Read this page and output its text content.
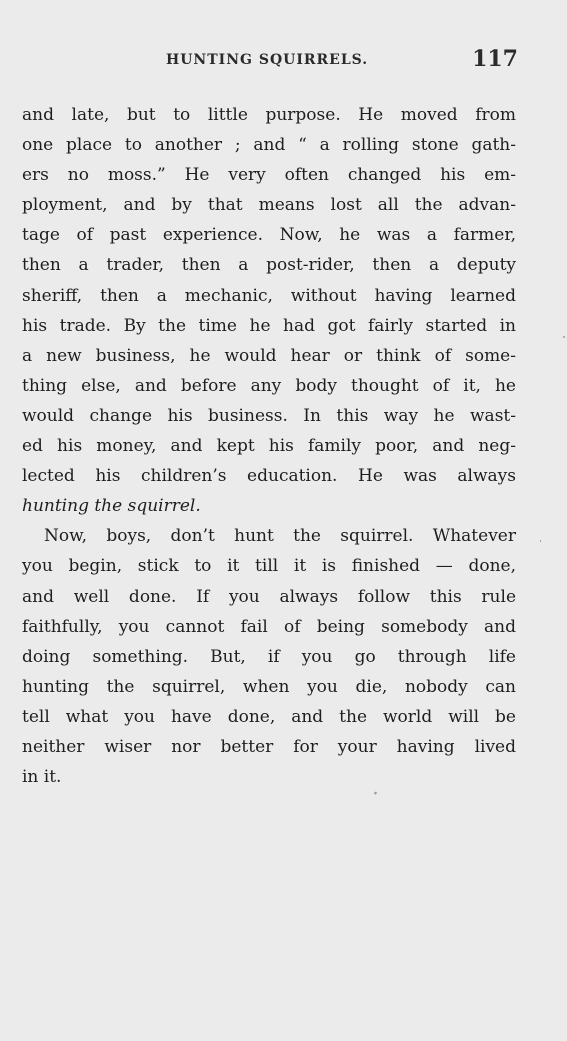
HUNTING SQUIRRELS.	117
and late, but to little purpose. He moved from
one place to another ; and “ a rolling stone gath-
ers no moss.” He very often changed his em-
ployment, and by that means lost all the advan-
tage of past experience. Now, he was a farmer,
then a trader, then a post-rider, then a deputy
sheriff, then a mechanic, without having learned
his trade. By the time he had got fairly started in
a new business, he would hear or think of some-
thing else, and before any body thought of it, he
would change his business. In this way he wast-
ed his money, and kept his family poor, and neg-
lected his children’s education. He was always
hunting the squirrel.
Now, boys, don’t hunt the squirrel. Whatever
you begin, stick to it till it is finished — done,
and well done. If you always follow this rule
faithfully, you cannot fail of being somebody and
doing something. But, if you go through life
hunting the squirrel, when you die, nobody can
tell what you have done, and the world will be
neither wiser nor better for your having lived
in it.
